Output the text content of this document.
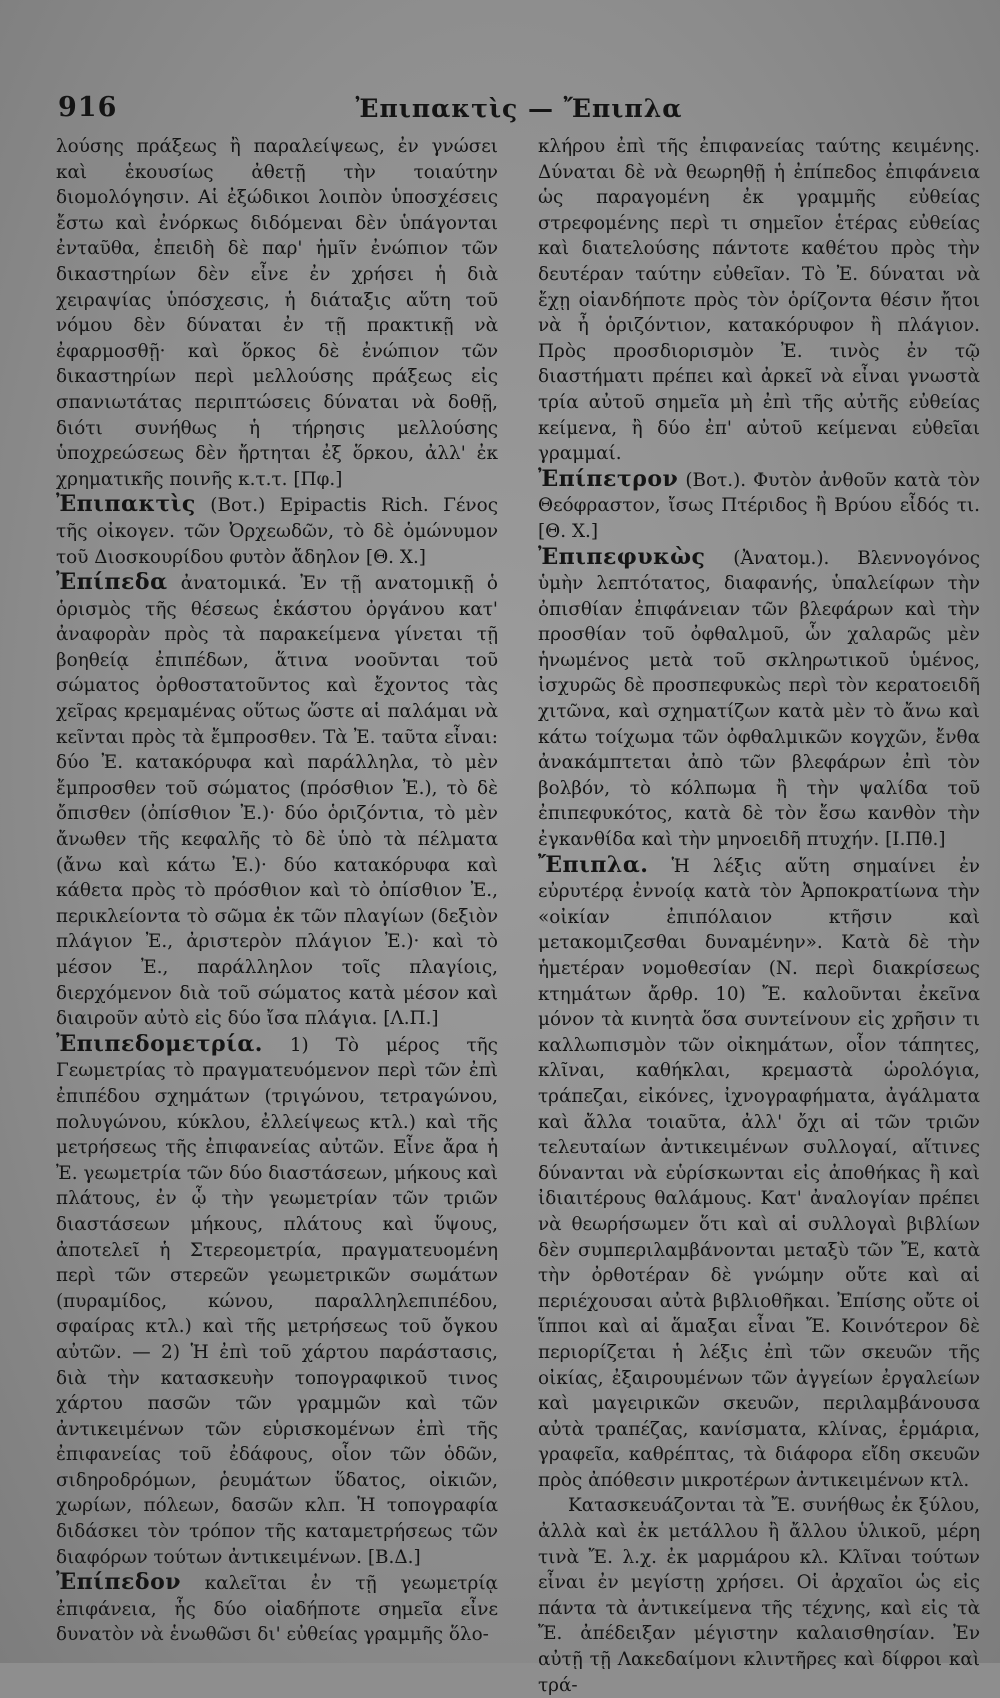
916	Ἐπιπακτὶς — Ἔπιπλα

λούσης πράξεως ἢ παραλείψεως, ἐν γνώσει καὶ ἑκουσίως ἀθετῇ τὴν τοιαύτην διομολόγησιν. Αἱ ἐξώδικοι λοιπὸν ὑποσχέσεις ἔστω καὶ ἐνόρκως διδόμεναι δὲν ὑπάγονται ἐνταῦθα, ἐπειδὴ δὲ παρ' ἡμῖν ἐνώπιον τῶν δικαστηρίων δὲν εἶνε ἐν χρήσει ἡ διὰ χειραψίας ὑπόσχεσις, ἡ διάταξις αὕτη τοῦ νόμου δὲν δύναται ἐν τῇ πρακτικῇ νὰ ἐφαρμοσθῇ· καὶ ὅρκος δὲ ἐνώπιον τῶν δικαστηρίων περὶ μελλούσης πράξεως εἰς σπανιωτάτας περιπτώσεις δύναται νὰ δοθῇ, διότι συνήθως ἡ τήρησις μελλούσης ὑποχρεώσεως δὲν ἤρτηται ἐξ ὅρκου, ἀλλ' ἐκ χρηματικῆς ποινῆς κ.τ.τ. [Πφ.]

Ἐπιπακτὶς (Βοτ.) Epipactis Rich. Γένος τῆς οἰκογεν. τῶν Ὀρχεωδῶν, τὸ δὲ ὁμώνυμον τοῦ Διοσκουρίδου φυτὸν ἄδηλον [Θ. Χ.]

Ἐπίπεδα ἀνατομικά. Ἐν τῇ ανατομικῇ ὁ ὁρισμὸς τῆς θέσεως ἑκάστου ὀργάνου κατ' ἀναφορὰν πρὸς τὰ παρακείμενα γίνεται τῇ βοηθείᾳ ἐπιπέδων, ἅτινα νοοῦνται τοῦ σώματος ὀρθοστατοῦντος καὶ ἔχοντος τὰς χεῖρας κρεμαμένας οὕτως ὥστε αἱ παλάμαι νὰ κεῖνται πρὸς τὰ ἔμπροσθεν. Τὰ Ἐ. ταῦτα εἶναι: δύο Ἐ. κατακόρυφα καὶ παράλληλα, τὸ μὲν ἔμπροσθεν τοῦ σώματος (πρόσθιον Ἐ.), τὸ δὲ ὄπισθεν (ὀπίσθιον Ἐ.)· δύο ὁριζόντια, τὸ μὲν ἄνωθεν τῆς κεφαλῆς τὸ δὲ ὑπὸ τὰ πέλματα (ἄνω καὶ κάτω Ἐ.)· δύο κατακόρυφα καὶ κάθετα πρὸς τὸ πρόσθιον καὶ τὸ ὀπίσθιον Ἐ., περικλείοντα τὸ σῶμα ἐκ τῶν πλαγίων (δεξιὸν πλάγιον Ἐ., ἀριστερὸν πλάγιον Ἐ.)· καὶ τὸ μέσον Ἐ., παράλληλον τοῖς πλαγίοις, διερχόμενον διὰ τοῦ σώματος κατὰ μέσον καὶ διαιροῦν αὐτὸ εἰς δύο ἴσα πλάγια. [Λ.Π.]

Ἐπιπεδομετρία. 1) Τὸ μέρος τῆς Γεωμετρίας τὸ πραγματευόμενον περὶ τῶν ἐπὶ ἐπιπέδου σχημάτων (τριγώνου, τετραγώνου, πολυγώνου, κύκλου, ἐλλείψεως κτλ.) καὶ τῆς μετρήσεως τῆς ἐπιφανείας αὐτῶν. Εἶνε ἄρα ἡ Ἐ. γεωμετρία τῶν δύο διαστάσεων, μήκους καὶ πλάτους, ἐν ᾧ τὴν γεωμετρίαν τῶν τριῶν διαστάσεων μήκους, πλάτους καὶ ὕψους, ἀποτελεῖ ἡ Στερεομετρία, πραγματευομένη περὶ τῶν στερεῶν γεωμετρικῶν σωμάτων (πυραμίδος, κώνου, παραλληλεπιπέδου, σφαίρας κτλ.) καὶ τῆς μετρήσεως τοῦ ὄγκου αὐτῶν. — 2) Ἡ ἐπὶ τοῦ χάρτου παράστασις, διὰ τὴν κατασκευὴν τοπογραφικοῦ τινος χάρτου πασῶν τῶν γραμμῶν καὶ τῶν ἀντικειμένων τῶν εὑρισκομένων ἐπὶ τῆς ἐπιφανείας τοῦ ἐδάφους, οἷον τῶν ὁδῶν, σιδηροδρόμων, ῥευμάτων ὕδατος, οἰκιῶν, χωρίων, πόλεων, δασῶν κλπ. Ἡ τοπογραφία διδάσκει τὸν τρόπον τῆς καταμετρήσεως τῶν διαφόρων τούτων ἀντικειμένων. [Β.Δ.]

Ἐπίπεδον καλεῖται ἐν τῇ γεωμετρίᾳ ἐπιφάνεια, ἧς δύο οἱαδήποτε σημεῖα εἶνε δυνατὸν νὰ ἑνωθῶσι δι' εὐθείας γραμμῆς ὅλο-

κλήρου ἐπὶ τῆς ἐπιφανείας ταύτης κειμένης. Δύναται δὲ νὰ θεωρηθῇ ἡ ἐπίπεδος ἐπιφάνεια ὡς παραγομένη ἐκ γραμμῆς εὐθείας στρεφομένης περὶ τι σημεῖον ἑτέρας εὐθείας καὶ διατελούσης πάντοτε καθέτου πρὸς τὴν δευτέραν ταύτην εὐθεῖαν. Τὸ Ἐ. δύναται νὰ ἔχῃ οἱανδήποτε πρὸς τὸν ὁρίζοντα θέσιν ἤτοι νὰ ἦ ὁριζόντιον, κατακόρυφον ἢ πλάγιον. Πρὸς προσδιορισμὸν Ἐ. τινὸς ἐν τῷ διαστήματι πρέπει καὶ ἀρκεῖ νὰ εἶναι γνωστὰ τρία αὐτοῦ σημεῖα μὴ ἐπὶ τῆς αὐτῆς εὐθείας κείμενα, ἢ δύο ἐπ' αὐτοῦ κείμεναι εὐθεῖαι γραμμαί.

Ἐπίπετρον (Βοτ.). Φυτὸν ἀνθοῦν κατὰ τὸν Θεόφραστον, ἴσως Πτέριδος ἢ Βρύου εἶδός τι. [Θ. Χ.]

Ἐπιπεφυκὼς (Ἀνατομ.). Βλεννογόνος ὑμὴν λεπτότατος, διαφανής, ὑπαλείφων τὴν ὀπισθίαν ἐπιφάνειαν τῶν βλεφάρων καὶ τὴν προσθίαν τοῦ ὀφθαλμοῦ, ὧν χαλαρῶς μὲν ἡνωμένος μετὰ τοῦ σκληρωτικοῦ ὑμένος, ἰσχυρῶς δὲ προσπεφυκὼς περὶ τὸν κερατοειδῆ χιτῶνα, καὶ σχηματίζων κατὰ μὲν τὸ ἄνω καὶ κάτω τοίχωμα τῶν ὀφθαλμικῶν κογχῶν, ἔνθα ἀνακάμπτεται ἀπὸ τῶν βλεφάρων ἐπὶ τὸν βολβόν, τὸ κόλπωμα ἢ τὴν ψαλίδα τοῦ ἐπιπεφυκότος, κατὰ δὲ τὸν ἔσω κανθὸν τὴν ἐγκανθίδα καὶ τὴν μηνοειδῆ πτυχήν. [Ι.Πθ.]

Ἔπιπλα. Ἡ λέξις αὕτη σημαίνει ἐν εὐρυτέρᾳ ἐννοίᾳ κατὰ τὸν Ἀρποκρατίωνα τὴν «οἰκίαν ἐπιπόλαιον κτῆσιν καὶ μετακομιζεσθαι δυναμένην». Κατὰ δὲ τὴν ἡμετέραν νομοθεσίαν (Ν. περὶ διακρίσεως κτημάτων ἄρθρ. 10) Ἔ. καλοῦνται ἐκεῖνα μόνον τὰ κινητὰ ὅσα συντείνουν εἰς χρῆσιν τι καλλωπισμὸν τῶν οἰκημάτων, οἷον τάπητες, κλῖναι, καθήκλαι, κρεμαστὰ ὡρολόγια, τράπεζαι, εἰκόνες, ἰχνογραφήματα, ἀγάλματα καὶ ἄλλα τοιαῦτα, ἀλλ' ὄχι αἱ τῶν τριῶν τελευταίων ἀντικειμένων συλλογαί, αἵτινες δύνανται νὰ εὑρίσκωνται εἰς ἀποθήκας ἢ καὶ ἰδιαιτέρους θαλάμους. Κατ' ἀναλογίαν πρέπει νὰ θεωρήσωμεν ὅτι καὶ αἱ συλλογαὶ βιβλίων δὲν συμπεριλαμβάνονται μεταξὺ τῶν Ἔ, κατὰ τὴν ὀρθοτέραν δὲ γνώμην οὔτε καὶ αἱ περιέχουσαι αὐτὰ βιβλιοθῆκαι. Ἐπίσης οὔτε οἱ ἵπποι καὶ αἱ ἅμαξαι εἶναι Ἔ. Κοινότερον δὲ περιορίζεται ἡ λέξις ἐπὶ τῶν σκευῶν τῆς οἰκίας, ἐξαιρουμένων τῶν ἀγγείων ἐργαλείων καὶ μαγειρικῶν σκευῶν, περιλαμβάνουσα αὐτὰ τραπέζας, κανίσματα, κλίνας, ἑρμάρια, γραφεῖα, καθρέπτας, τὰ διάφορα εἴδη σκευῶν πρὸς ἀπόθεσιν μικροτέρων ἀντικειμένων κτλ.

Κατασκευάζονται τὰ Ἔ. συνήθως ἐκ ξύλου, ἀλλὰ καὶ ἐκ μετάλλου ἢ ἄλλου ὑλικοῦ, μέρη τινὰ Ἔ. λ.χ. ἐκ μαρμάρου κλ. Κλῖναι τούτων εἶναι ἐν μεγίστῃ χρήσει. Οἱ ἀρχαῖοι ὡς εἰς πάντα τὰ ἀντικείμενα τῆς τέχνης, καὶ εἰς τὰ Ἔ. ἀπέδειξαν μέγιστην καλαισθησίαν. Ἐν αὐτῇ τῇ Λακεδαίμονι κλιντῆρες καὶ δίφροι καὶ τρά-
